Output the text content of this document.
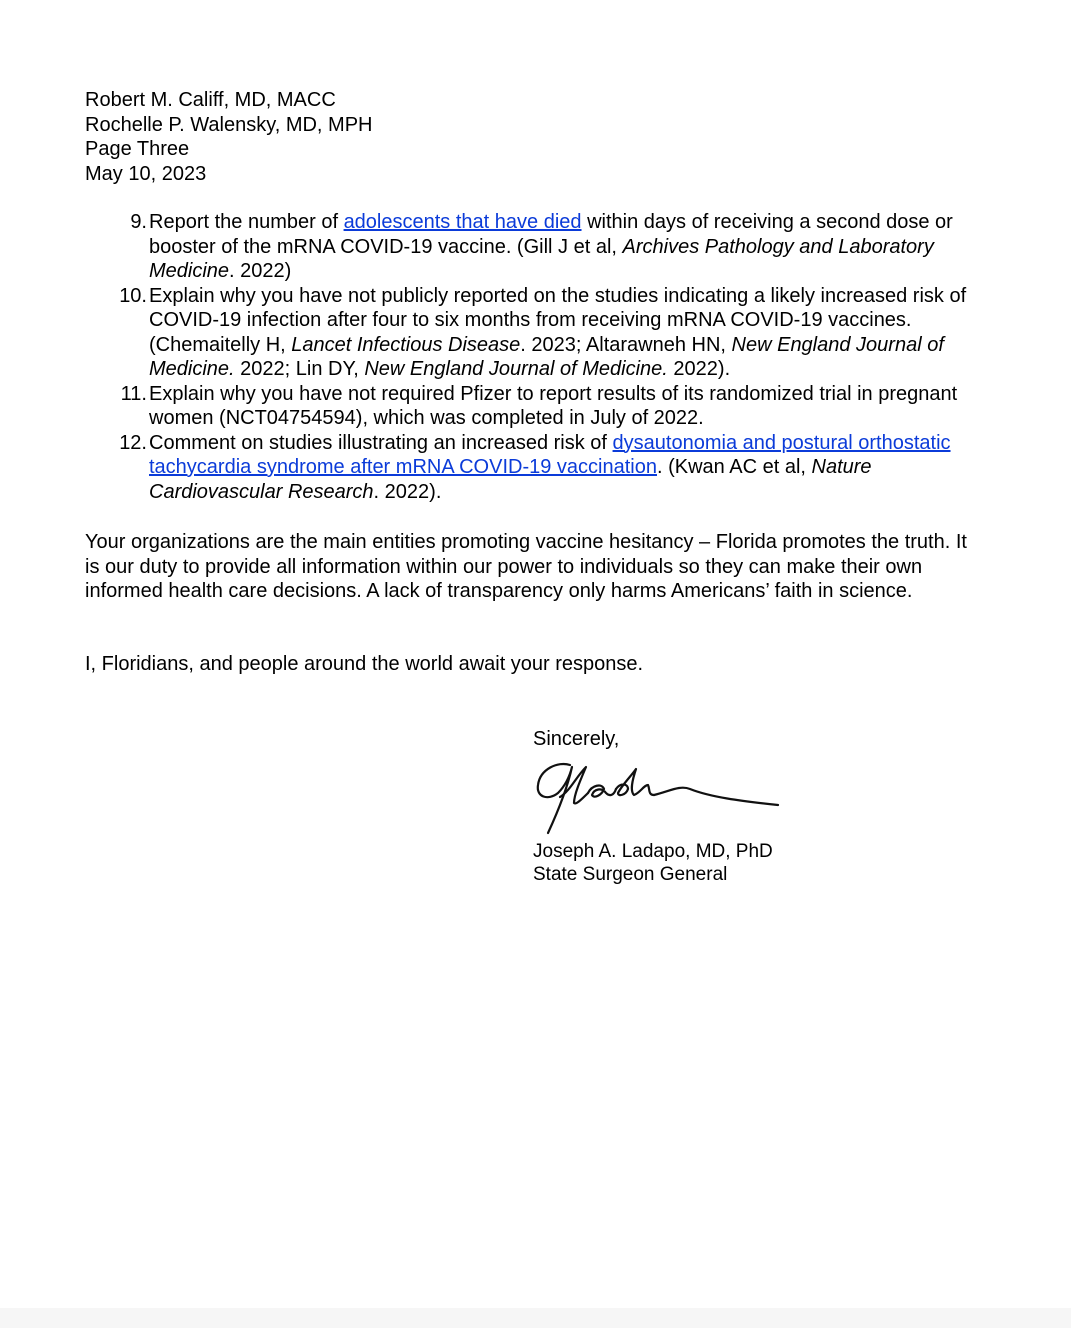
Robert M. Califf, MD, MACC
Rochelle P. Walensky, MD, MPH
Page Three
May 10, 2023
9. Report the number of adolescents that have died within days of receiving a second dose or booster of the mRNA COVID-19 vaccine. (Gill J et al, Archives Pathology and Laboratory Medicine. 2022)
10. Explain why you have not publicly reported on the studies indicating a likely increased risk of COVID-19 infection after four to six months from receiving mRNA COVID-19 vaccines. (Chemaitelly H, Lancet Infectious Disease. 2023; Altarawneh HN, New England Journal of Medicine. 2022; Lin DY, New England Journal of Medicine. 2022).
11. Explain why you have not required Pfizer to report results of its randomized trial in pregnant women (NCT04754594), which was completed in July of 2022.
12. Comment on studies illustrating an increased risk of dysautonomia and postural orthostatic tachycardia syndrome after mRNA COVID-19 vaccination. (Kwan AC et al, Nature Cardiovascular Research. 2022).
Your organizations are the main entities promoting vaccine hesitancy – Florida promotes the truth. It is our duty to provide all information within our power to individuals so they can make their own informed health care decisions. A lack of transparency only harms Americans’ faith in science.
I, Floridians, and people around the world await your response.
Sincerely,
Joseph A. Ladapo, MD, PhD
State Surgeon General
